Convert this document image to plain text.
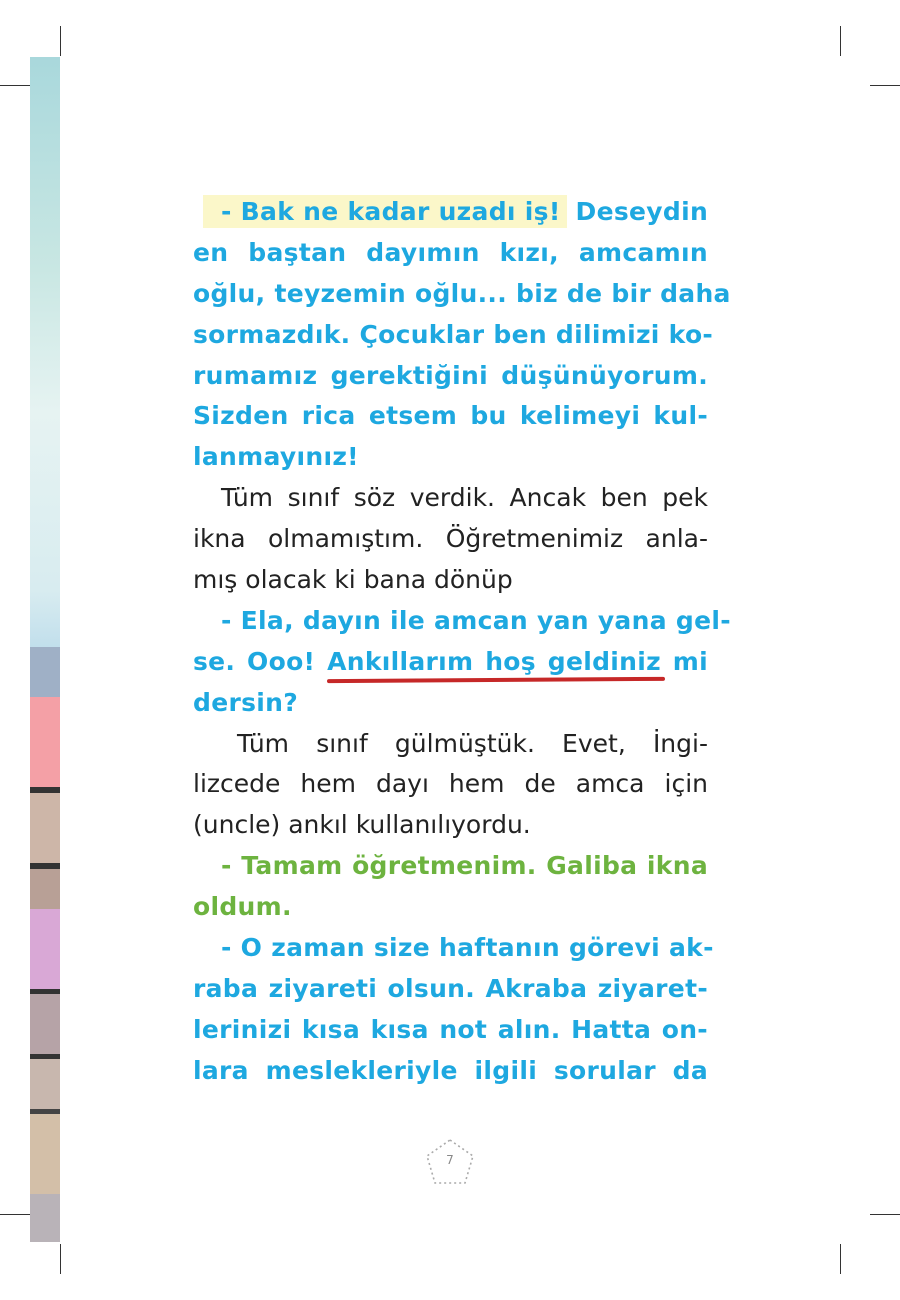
- Bak ne kadar uzadı iş! Deseydin
en baştan dayımın kızı, amcamın
oğlu, teyzemin oğlu... biz de bir daha
sormazdık. Çocuklar ben dilimizi ko-
rumamız gerektiğini düşünüyorum.
Sizden rica etsem bu kelimeyi kul-
lanmayınız!
Tüm sınıf söz verdik. Ancak ben pek
ikna olmamıştım. Öğretmenimiz anla-
mış olacak ki bana dönüp
- Ela, dayın ile amcan yan yana gel-
se. Ooo! Ankıllarım hoş geldiniz mi
dersin?
Tüm sınıf gülmüştük. Evet, İngi-
lizcede hem dayı hem de amca için
(uncle) ankıl kullanılıyordu.
- Tamam öğretmenim. Galiba ikna
oldum.
- O zaman size haftanın görevi ak-
raba ziyareti olsun. Akraba ziyaret-
lerinizi kısa kısa not alın. Hatta on-
lara meslekleriyle ilgili sorular da
7
